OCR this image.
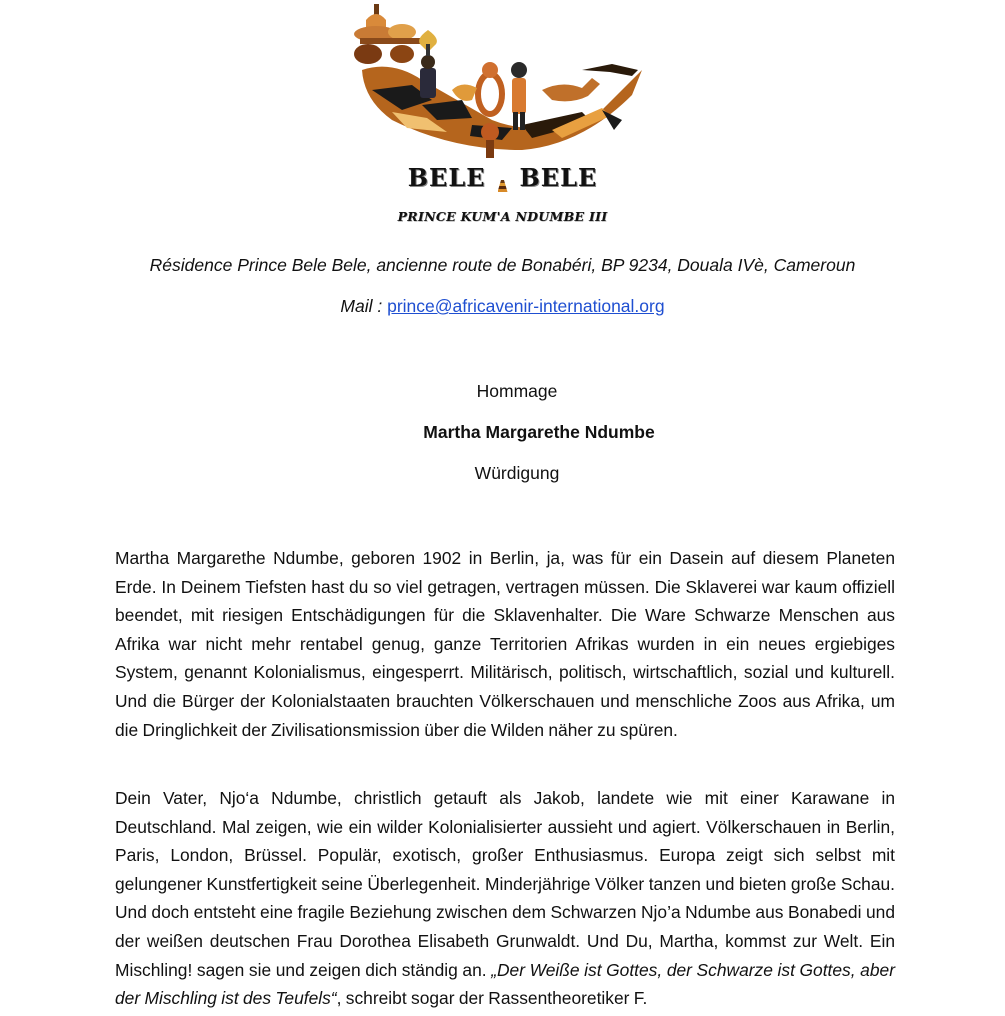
BELE BELE
PRINCE KUM'A NDUMBE III
Résidence Prince Bele Bele, ancienne route de Bonabéri, BP 9234, Douala IVè, Cameroun
Mail : prince@africavenir-international.org
Hommage
Martha Margarethe Ndumbe
Würdigung

Martha Margarethe Ndumbe, geboren 1902 in Berlin, ja, was für ein Dasein auf diesem Planeten Erde. In Deinem Tiefsten hast du so viel getragen, vertragen müssen. Die Sklaverei war kaum offiziell beendet, mit riesigen Entschädigungen für die Sklavenhalter. Die Ware Schwarze Menschen aus Afrika war nicht mehr rentabel genug, ganze Territorien Afrikas wurden in ein neues ergiebiges System, genannt Kolonialismus, eingesperrt. Militärisch, politisch, wirtschaftlich, sozial und kulturell. Und die Bürger der Kolonialstaaten brauchten Völkerschauen und menschliche Zoos aus Afrika, um die Dringlichkeit der Zivilisationsmission über die Wilden näher zu spüren.

Dein Vater, Njo‘a Ndumbe, christlich getauft als Jakob, landete wie mit einer Karawane in Deutschland. Mal zeigen, wie ein wilder Kolonialisierter aussieht und agiert. Völkerschauen in Berlin, Paris, London, Brüssel. Populär, exotisch, großer Enthusiasmus. Europa zeigt sich selbst mit gelungener Kunstfertigkeit seine Überlegenheit. Minderjährige Völker tanzen und bieten große Schau. Und doch entsteht eine fragile Beziehung zwischen dem Schwarzen Njo’a Ndumbe aus Bonabedi und der weißen deutschen Frau Dorothea Elisabeth Grunwaldt. Und Du, Martha, kommst zur Welt. Ein Mischling! sagen sie und zeigen dich ständig an. „Der Weiße ist Gottes, der Schwarze ist Gottes, aber der Mischling ist des Teufels“, schreibt sogar der Rassentheoretiker F.
